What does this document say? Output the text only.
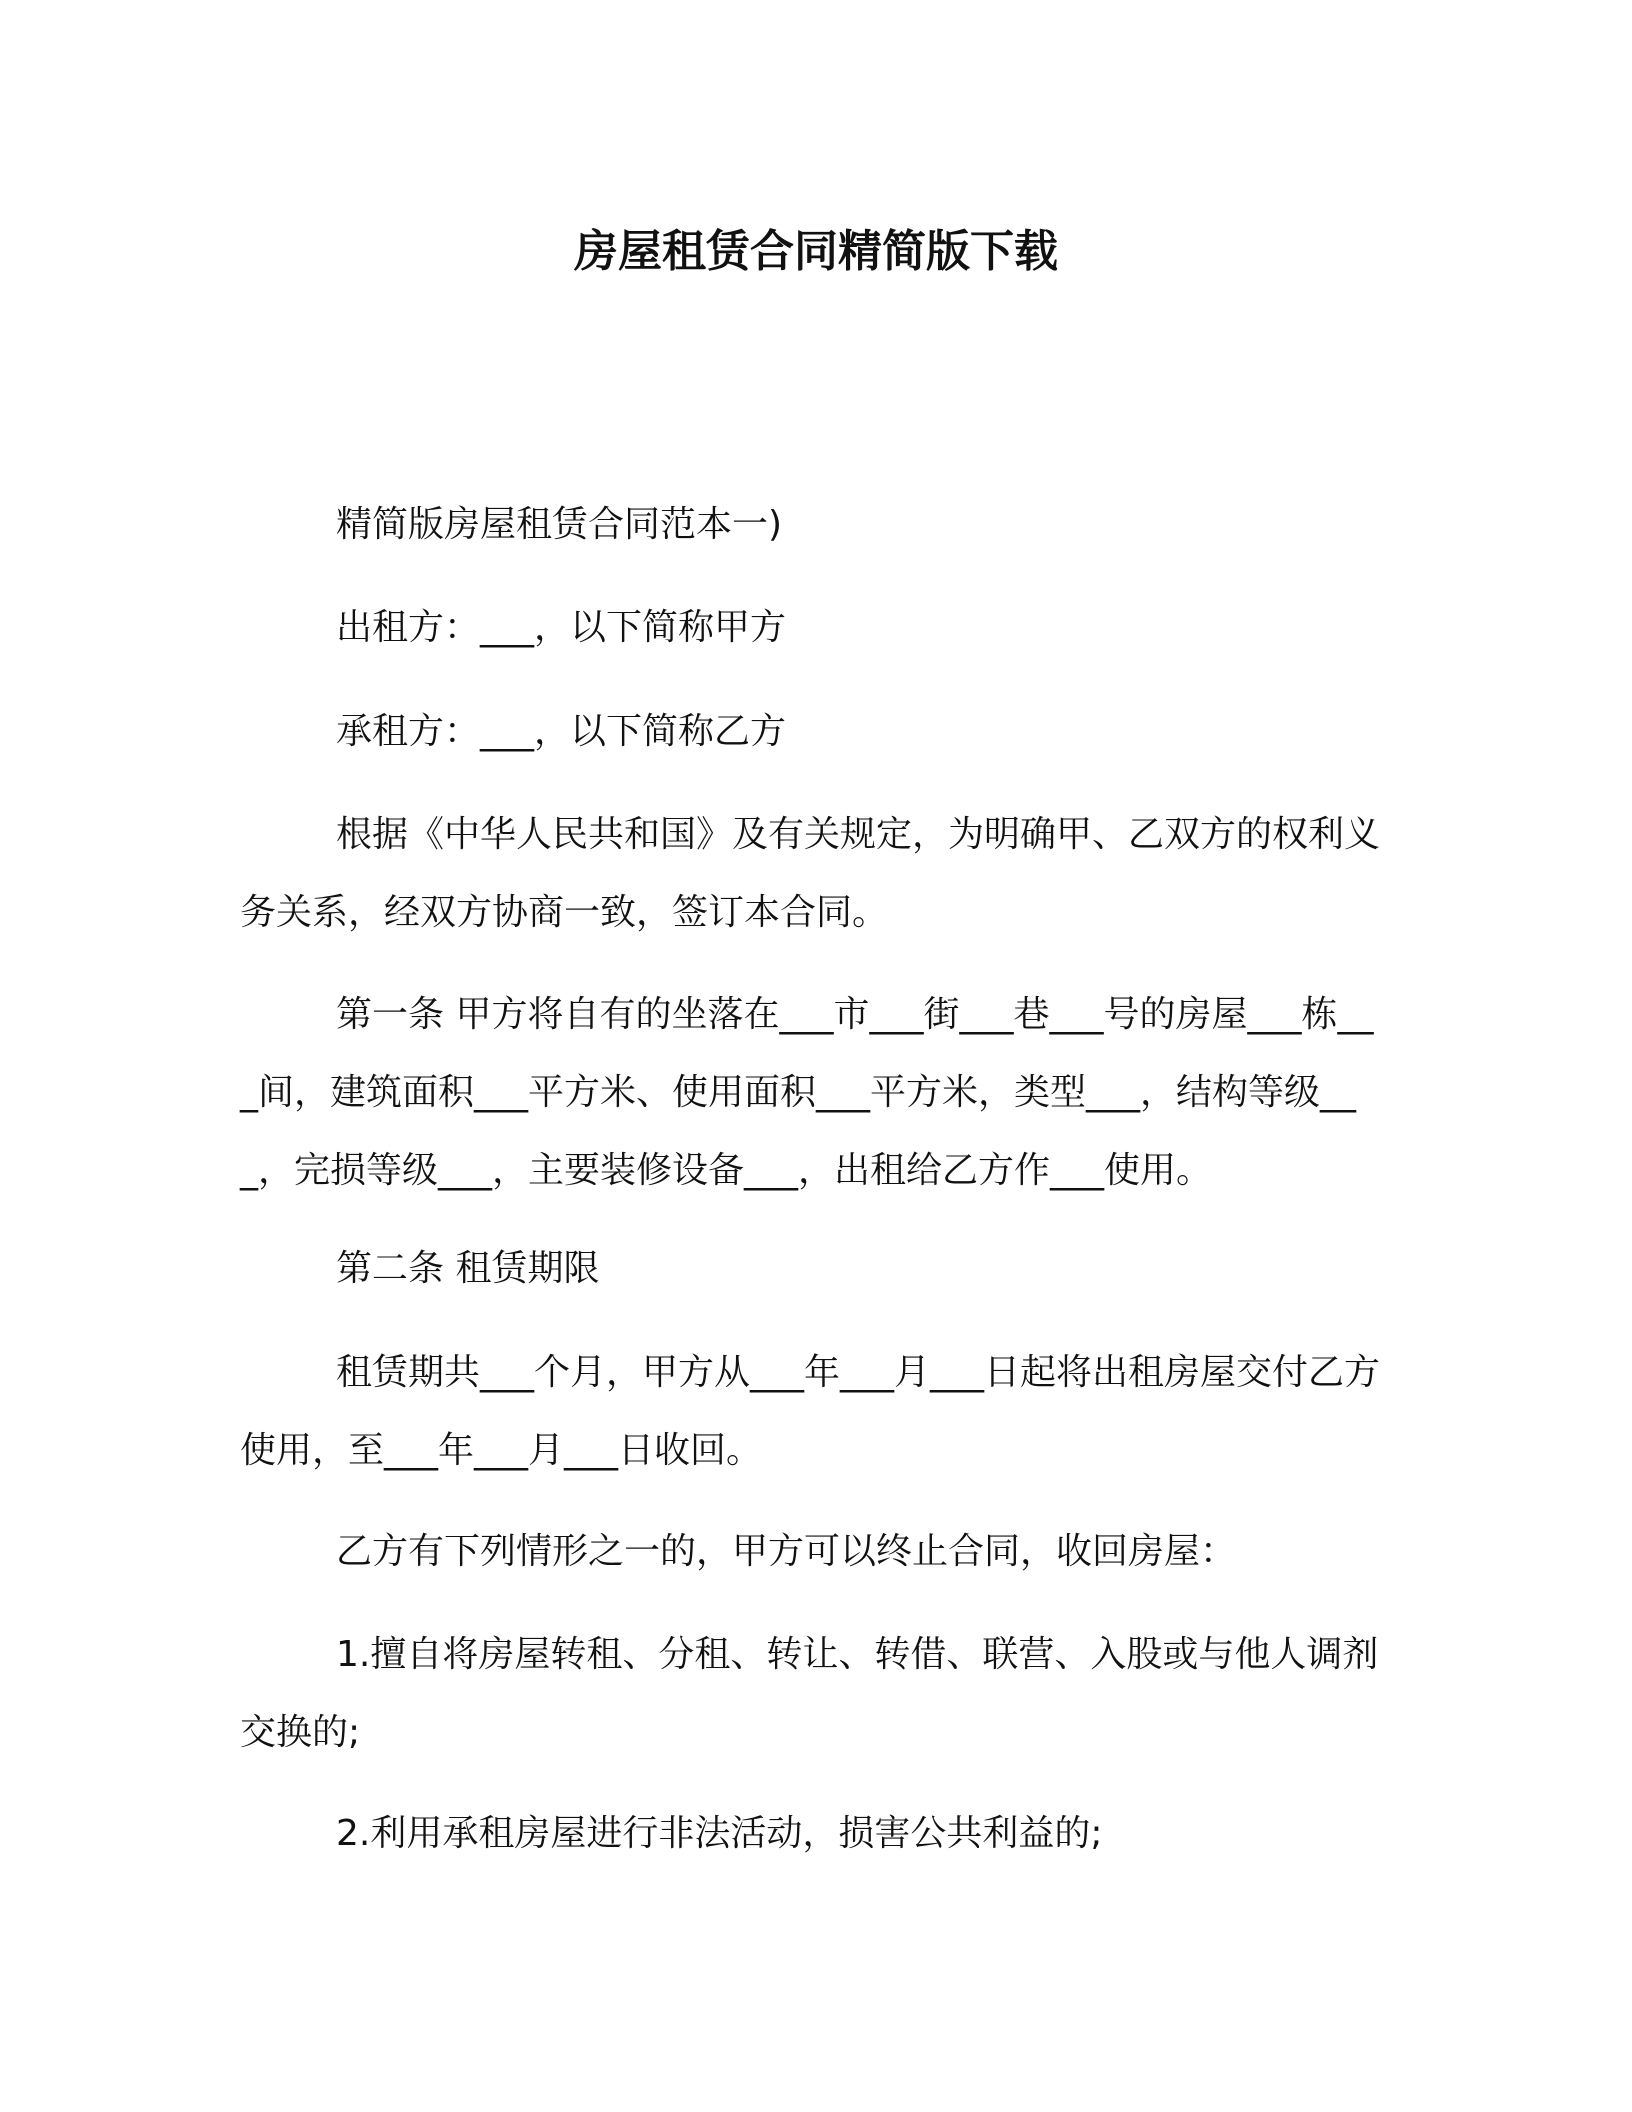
房屋租赁合同精简版下载

精简版房屋租赁合同范本一)

出租方：___，以下简称甲方

承租方：___，以下简称乙方

根据《中华人民共和国》及有关规定，为明确甲、乙双方的权利义务关系，经双方协商一致，签订本合同。

第一条 甲方将自有的坐落在___市___街___巷___号的房屋___栋___间，建筑面积___平方米、使用面积___平方米，类型___，结构等级___，完损等级___，主要装修设备___，出租给乙方作___使用。

第二条 租赁期限

租赁期共___个月，甲方从___年___月___日起将出租房屋交付乙方使用，至___年___月___日收回。

乙方有下列情形之一的，甲方可以终止合同，收回房屋：

1.擅自将房屋转租、分租、转让、转借、联营、入股或与他人调剂交换的;

2.利用承租房屋进行非法活动，损害公共利益的;
